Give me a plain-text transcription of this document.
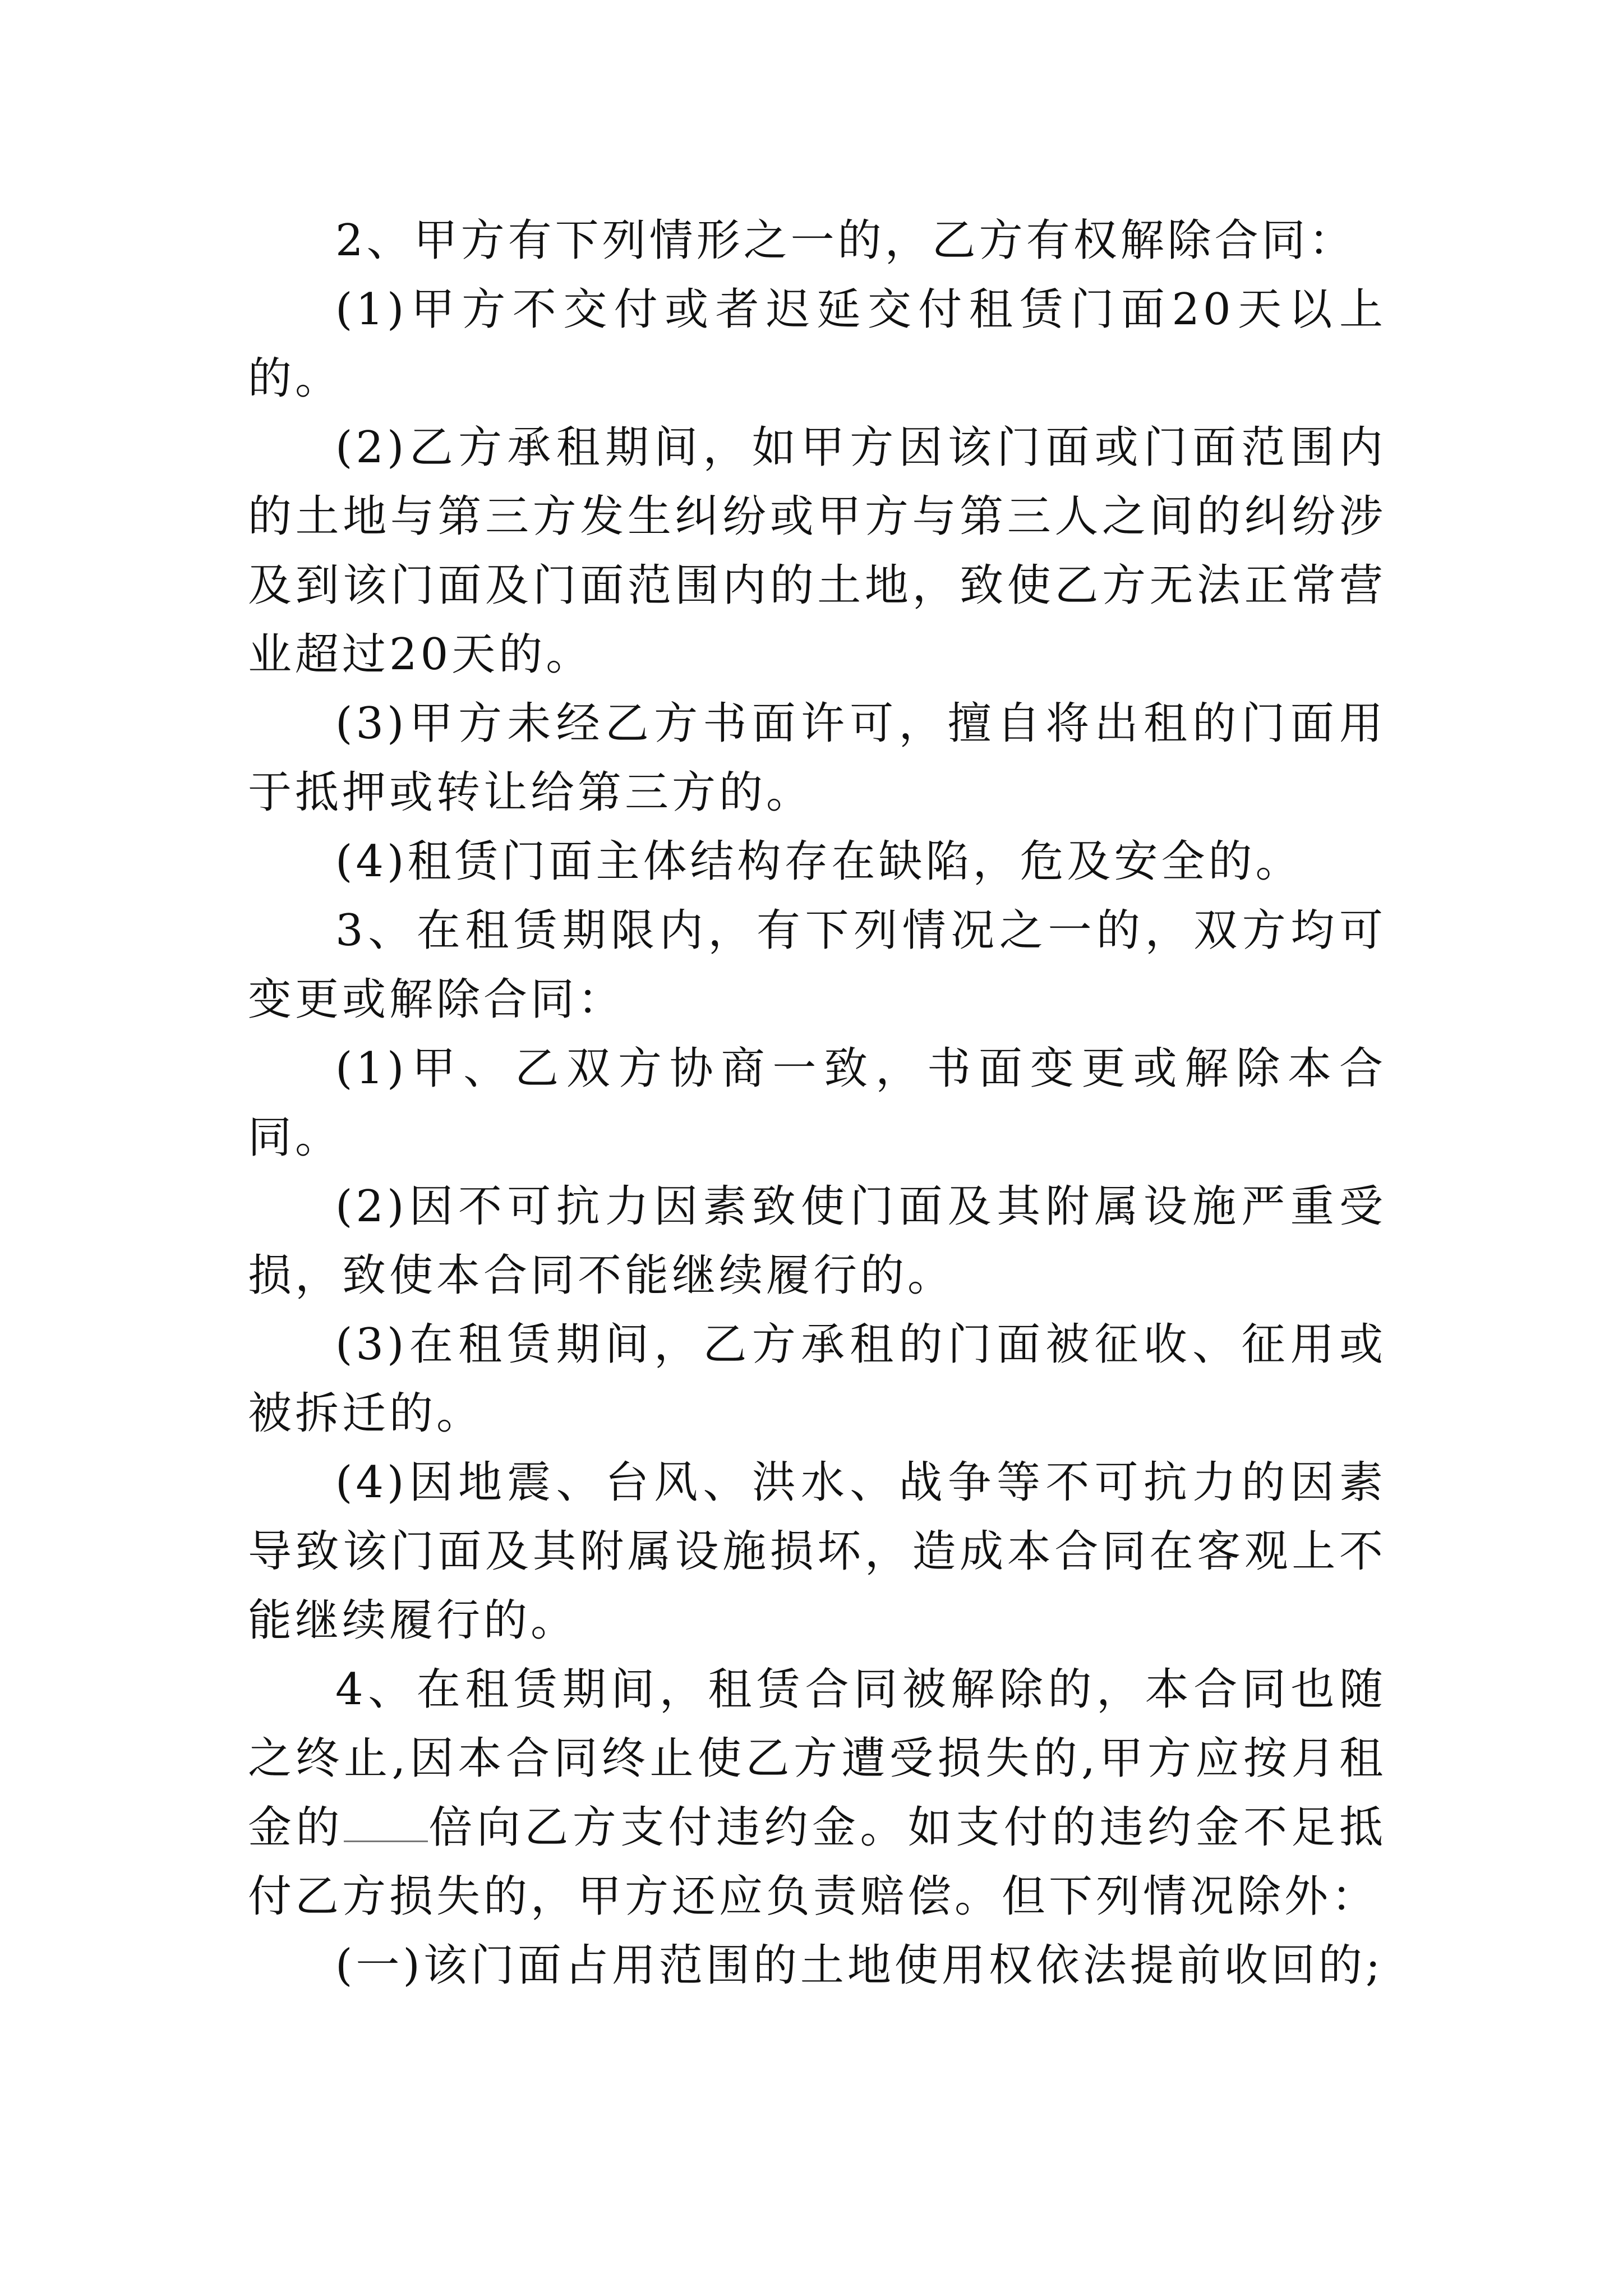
2、甲方有下列情形之一的，乙方有权解除合同：

(1)甲方不交付或者迟延交付租赁门面20天以上的。

(2)乙方承租期间，如甲方因该门面或门面范围内的土地与第三方发生纠纷或甲方与第三人之间的纠纷涉及到该门面及门面范围内的土地，致使乙方无法正常营业超过20天的。

(3)甲方未经乙方书面许可，擅自将出租的门面用于抵押或转让给第三方的。

(4)租赁门面主体结构存在缺陷，危及安全的。

3、在租赁期限内，有下列情况之一的，双方均可变更或解除合同：

(1)甲、乙双方协商一致，书面变更或解除本合同。

(2)因不可抗力因素致使门面及其附属设施严重受损，致使本合同不能继续履行的。

(3)在租赁期间，乙方承租的门面被征收、征用或被拆迁的。

(4)因地震、台风、洪水、战争等不可抗力的因素导致该门面及其附属设施损坏，造成本合同在客观上不能继续履行的。

4、在租赁期间，租赁合同被解除的，本合同也随之终止,因本合同终止使乙方遭受损失的,甲方应按月租金的 倍向乙方支付违约金。如支付的违约金不足抵付乙方损失的，甲方还应负责赔偿。但下列情况除外：

(一)该门面占用范围的土地使用权依法提前收回的;
